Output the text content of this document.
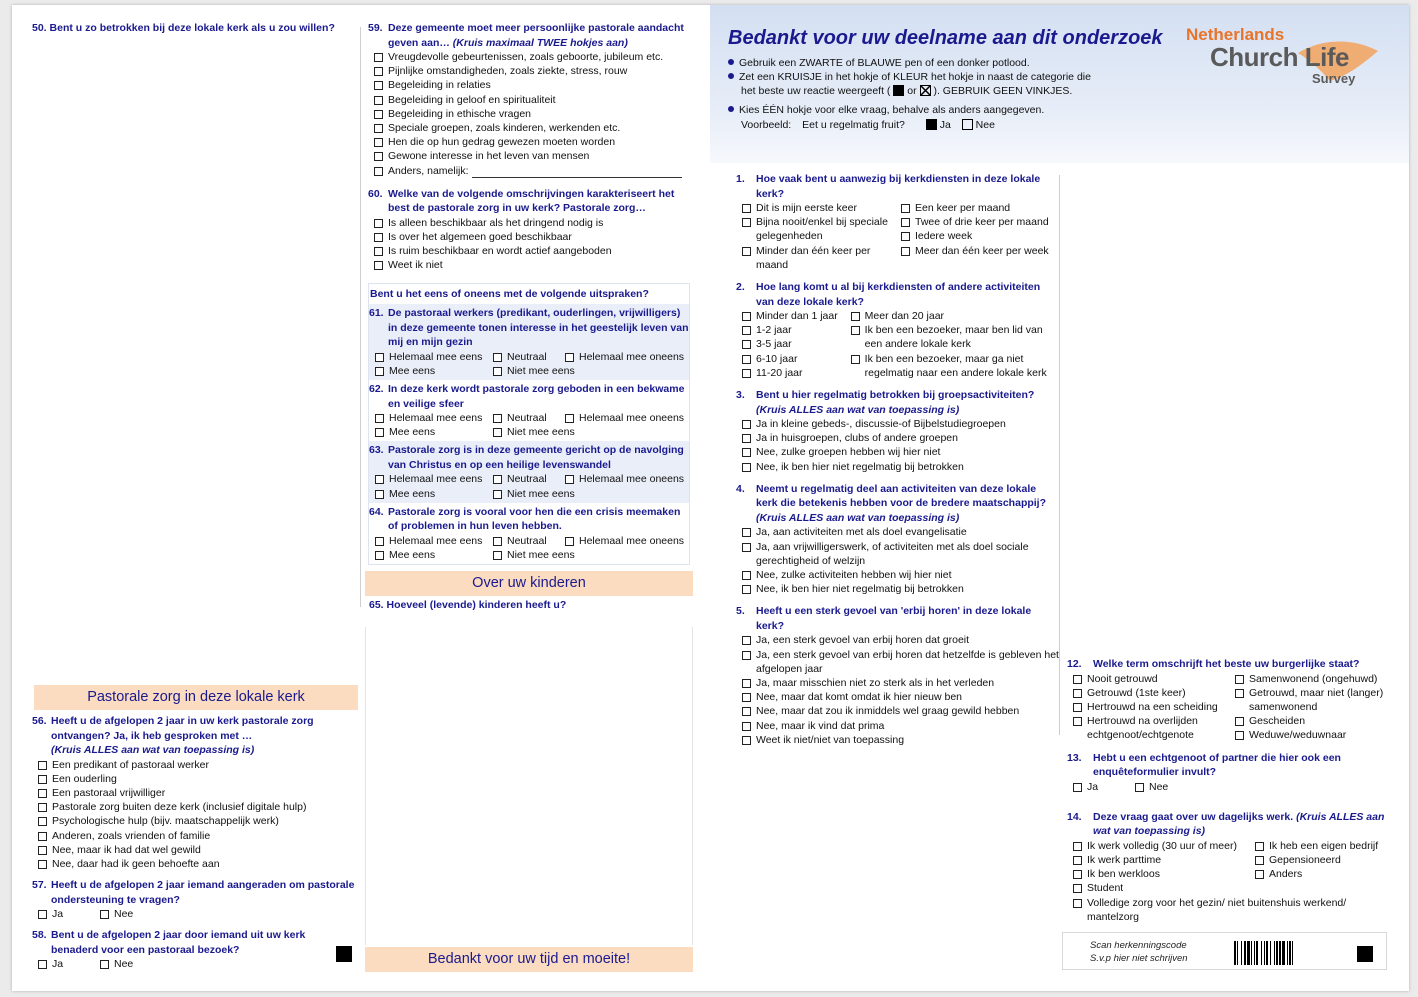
50. Bent u zo betrokken bij deze lokale kerk als u zou willen?
Pastorale zorg in deze lokale kerk
56. Heeft u de afgelopen 2 jaar in uw kerk pastorale zorg ontvangen? Ja, ik heb gesproken met …
(Kruis ALLES aan wat van toepassing is)
Een predikant of pastoraal werker
Een ouderling
Een pastoraal vrijwilliger
Pastorale zorg buiten deze kerk (inclusief digitale hulp)
Psychologische hulp (bijv. maatschappelijk werk)
Anderen, zoals vrienden of familie
Nee, maar ik had dat wel gewild
Nee, daar had ik geen behoefte aan
57. Heeft u de afgelopen 2 jaar iemand aangeraden om pastorale ondersteuning te vragen?
Ja	Nee
58. Bent u de afgelopen 2 jaar door iemand uit uw kerk benaderd voor een pastoraal bezoek?
Ja	Nee
59. Deze gemeente moet meer persoonlijke pastorale aandacht geven aan… (Kruis maximaal TWEE hokjes aan)
Vreugdevolle gebeurtenissen, zoals geboorte, jubileum etc.
Pijnlijke omstandigheden, zoals ziekte, stress, rouw
Begeleiding in relaties
Begeleiding in geloof en spiritualiteit
Begeleiding in ethische vragen
Speciale groepen, zoals kinderen, werkenden etc.
Hen die op hun gedrag gewezen moeten worden
Gewone interesse in het leven van mensen
Anders, namelijk:
60. Welke van de volgende omschrijvingen karakteriseert het best de pastorale zorg in uw kerk? Pastorale zorg…
Is alleen beschikbaar als het dringend nodig is
Is over het algemeen goed beschikbaar
Is ruim beschikbaar en wordt actief aangeboden
Weet ik niet
Bent u het eens of oneens met de volgende uitspraken?
61. De pastoraal werkers (predikant, ouderlingen, vrijwilligers) in deze gemeente tonen interesse in het geestelijk leven van mij en mijn gezin
Helemaal mee eens	Neutraal	Helemaal mee oneens
Mee eens	Niet mee eens
62. In deze kerk wordt pastorale zorg geboden in een bekwame en veilige sfeer
Helemaal mee eens	Neutraal	Helemaal mee oneens
Mee eens	Niet mee eens
63. Pastorale zorg is in deze gemeente gericht op de navolging van Christus en op een heilige levenswandel
Helemaal mee eens	Neutraal	Helemaal mee oneens
Mee eens	Niet mee eens
64. Pastorale zorg is vooral voor hen die een crisis meemaken of problemen in hun leven hebben.
Helemaal mee eens	Neutraal	Helemaal mee oneens
Mee eens	Niet mee eens
Over uw kinderen
65. Hoeveel (levende) kinderen heeft u?
Bedankt voor uw tijd en moeite!
Bedankt voor uw deelname aan dit onderzoek
Gebruik een ZWARTE of BLAUWE pen of een donker potlood.
Zet een KRUISJE in het hokje of KLEUR het hokje in naast de categorie die
het beste uw reactie weergeeft ( or ☒ ). GEBRUIK GEEN VINKJES.
Kies ÉÉN hokje voor elke vraag, behalve als anders aangegeven.
Voorbeeld: Eet u regelmatig fruit?	Ja Nee
Netherlands
Church Life
Survey
1. Hoe vaak bent u aanwezig bij kerkdiensten in deze lokale kerk?
Dit is mijn eerste keer
Bijna nooit/enkel bij speciale gelegenheden
Minder dan één keer per maand
Een keer per maand
Twee of drie keer per maand
Iedere week
Meer dan één keer per week
2. Hoe lang komt u al bij kerkdiensten of andere activiteiten van deze lokale kerk?
Minder dan 1 jaar
1-2 jaar
3-5 jaar
6-10 jaar
11-20 jaar
Meer dan 20 jaar
Ik ben een bezoeker, maar ben lid van een andere lokale kerk
Ik ben een bezoeker, maar ga niet regelmatig naar een andere lokale kerk
3. Bent u hier regelmatig betrokken bij groepsactiviteiten?
(Kruis ALLES aan wat van toepassing is)
Ja in kleine gebeds-, discussie-of Bijbelstudiegroepen
Ja in huisgroepen, clubs of andere groepen
Nee, zulke groepen hebben wij hier niet
Nee, ik ben hier niet regelmatig bij betrokken
4. Neemt u regelmatig deel aan activiteiten van deze lokale kerk die betekenis hebben voor de bredere maatschappij? (Kruis ALLES aan wat van toepassing is)
Ja, aan activiteiten met als doel evangelisatie
Ja, aan vrijwilligerswerk, of activiteiten met als doel sociale gerechtigheid of welzijn
Nee, zulke activiteiten hebben wij hier niet
Nee, ik ben hier niet regelmatig bij betrokken
5. Heeft u een sterk gevoel van 'erbij horen' in deze lokale kerk?
Ja, een sterk gevoel van erbij horen dat groeit
Ja, een sterk gevoel van erbij horen dat hetzelfde is gebleven het afgelopen jaar
Ja, maar misschien niet zo sterk als in het verleden
Nee, maar dat komt omdat ik hier nieuw ben
Nee, maar dat zou ik inmiddels wel graag gewild hebben
Nee, maar ik vind dat prima
Weet ik niet/niet van toepassing
12. Welke term omschrijft het beste uw burgerlijke staat?
Nooit getrouwd
Getrouwd (1ste keer)
Hertrouwd na een scheiding
Hertrouwd na overlijden echtgenoot/echtgenote
Samenwonend (ongehuwd)
Getrouwd, maar niet (langer) samenwonend
Gescheiden
Weduwe/weduwnaar
13. Hebt u een echtgenoot of partner die hier ook een enquêteformulier invult?
Ja	Nee
14. Deze vraag gaat over uw dagelijks werk. (Kruis ALLES aan wat van toepassing is)
Ik werk volledig (30 uur of meer)
Ik werk parttime
Ik ben werkloos
Student
Ik heb een eigen bedrijf
Gepensioneerd
Anders
Volledige zorg voor het gezin/ niet buitenshuis werkend/ mantelzorg
Scan herkenningscode
S.v.p hier niet schrijven
